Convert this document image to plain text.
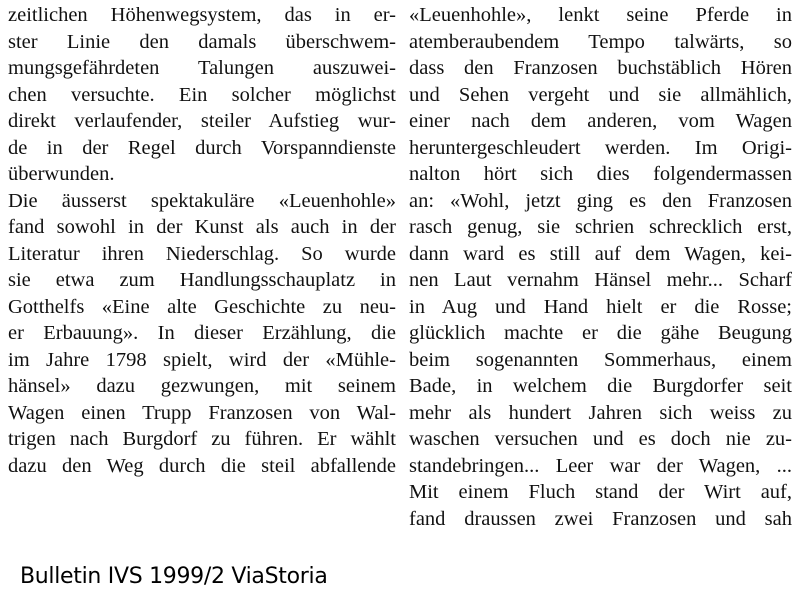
zeitlichen Höhenwegsystem, das in er-
ster Linie den damals überschwem-
mungsgefährdeten Talungen auszuwei-
chen versuchte. Ein solcher möglichst
direkt verlaufender, steiler Aufstieg wur-
de in der Regel durch Vorspanndienste
überwunden.
Die äusserst spektakuläre «Leuenhohle»
fand sowohl in der Kunst als auch in der
Literatur ihren Niederschlag. So wurde
sie etwa zum Handlungsschauplatz in
Gotthelfs «Eine alte Geschichte zu neu-
er Erbauung». In dieser Erzählung, die
im Jahre 1798 spielt, wird der «Mühle-
hänsel» dazu gezwungen, mit seinem
Wagen einen Trupp Franzosen von Wal-
trigen nach Burgdorf zu führen. Er wählt
dazu den Weg durch die steil abfallende
«Leuenhohle», lenkt seine Pferde in
atemberaubendem Tempo talwärts, so
dass den Franzosen buchstäblich Hören
und Sehen vergeht und sie allmählich,
einer nach dem anderen, vom Wagen
heruntergeschleudert werden. Im Origi-
nalton hört sich dies folgendermassen
an: «Wohl, jetzt ging es den Franzosen
rasch genug, sie schrien schrecklich erst,
dann ward es still auf dem Wagen, kei-
nen Laut vernahm Hänsel mehr... Scharf
in Aug und Hand hielt er die Rosse;
glücklich machte er die gähe Beugung
beim sogenannten Sommerhaus, einem
Bade, in welchem die Burgdorfer seit
mehr als hundert Jahren sich weiss zu
waschen versuchen und es doch nie zu-
standebringen... Leer war der Wagen, ...
Mit einem Fluch stand der Wirt auf,
fand draussen zwei Franzosen und sah
Bulletin IVS 1999/2 ViaStoria
